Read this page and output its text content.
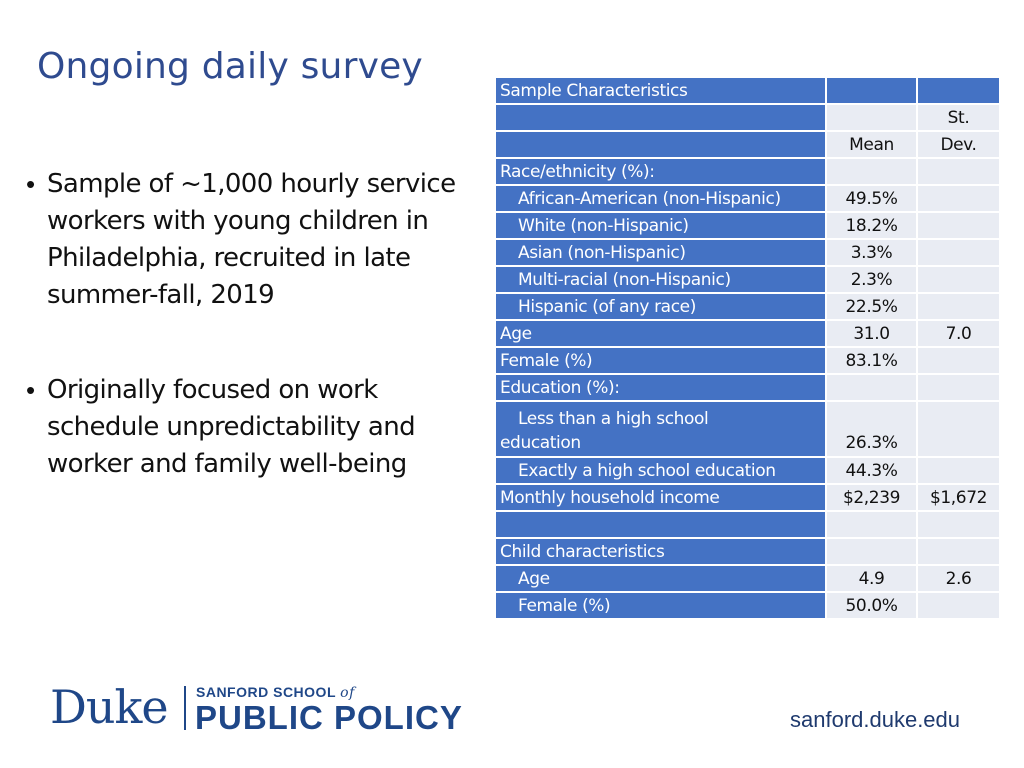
Ongoing daily survey

• Sample of ~1,000 hourly service workers with young children in Philadelphia, recruited in late summer-fall, 2019

• Originally focused on work schedule unpredictability and worker and family well-being

Sample Characteristics		
		St.
	Mean	Dev.
Race/ethnicity (%):		
African-American (non-Hispanic)	49.5%	
White (non-Hispanic)	18.2%	
Asian (non-Hispanic)	3.3%	
Multi-racial (non-Hispanic)	2.3%	
Hispanic (of any race)	22.5%	
Age	31.0	7.0
Female (%)	83.1%	
Education (%):		

Less than a high school
education	26.3%	
Exactly a high school education	44.3%	
Monthly household income	$2,239	$1,672

Child characteristics		
Age	4.9	2.6
Female (%)	50.0%	
Duke SANFORD SCHOOL of
PUBLIC POLICY	sanford.duke.edu
